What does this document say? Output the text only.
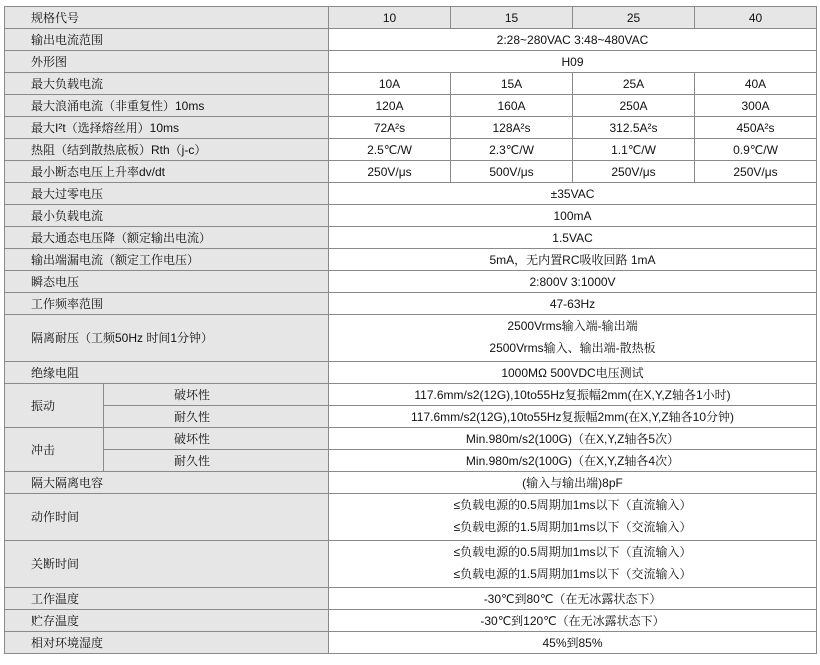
规格代号		10	15	25	40
输出电流范围		2:28~280VAC 3:48~480VAC			
外形图		H09			
最大负载电流		10A	15A	25A	40A
最大浪涌电流（非重复性）10ms		120A	160A	250A	300A
最大I²t（选择熔丝用）10ms		72A²s	128A²s	312.5A²s	450A²s
热阻（结到散热底板）Rth（j-c）		2.5℃/W	2.3℃/W	1.1℃/W	0.9℃/W
最小断态电压上升率dv/dt		250V/μs	500V/μs	250V/μs	250V/μs
最大过零电压		±35VAC			
最小负载电流		100mA			
最大通态电压降（额定输出电流）		1.5VAC			
输出端漏电流（额定工作电压）		5mA，无内置RC吸收回路 1mA			
瞬态电压		2:800V 3:1000V			
工作频率范围		47-63Hz			
隔离耐压（工频50Hz 时间1分钟）		2500Vrms输入端-输出端
2500Vrms输入、输出端-散热板			

绝缘电阻		1000MΩ 500VDC电压测试			
振动	破坏性	117.6mm/s2(12G),10to55Hz复振幅2mm(在X,Y,Z轴各1小时)			
	耐久性	117.6mm/s2(12G),10to55Hz复振幅2mm(在X,Y,Z轴各10分钟)			
冲击	破坏性	Min.980m/s2(100G)（在X,Y,Z轴各5次）			
	耐久性	Min.980m/s2(100G)（在X,Y,Z轴各4次）			
隔大隔离电容		(输入与输出端)8pF			
动作时间		≤负载电源的0.5周期加1ms以下（直流输入）
≤负载电源的1.5周期加1ms以下（交流输入）			

关断时间		≤负载电源的0.5周期加1ms以下（直流输入）
≤负载电源的1.5周期加1ms以下（交流输入）			

工作温度		-30℃到80℃（在无冰露状态下）			
贮存温度		-30℃到120℃（在无冰露状态下）			
相对环境湿度		45%到85%			
